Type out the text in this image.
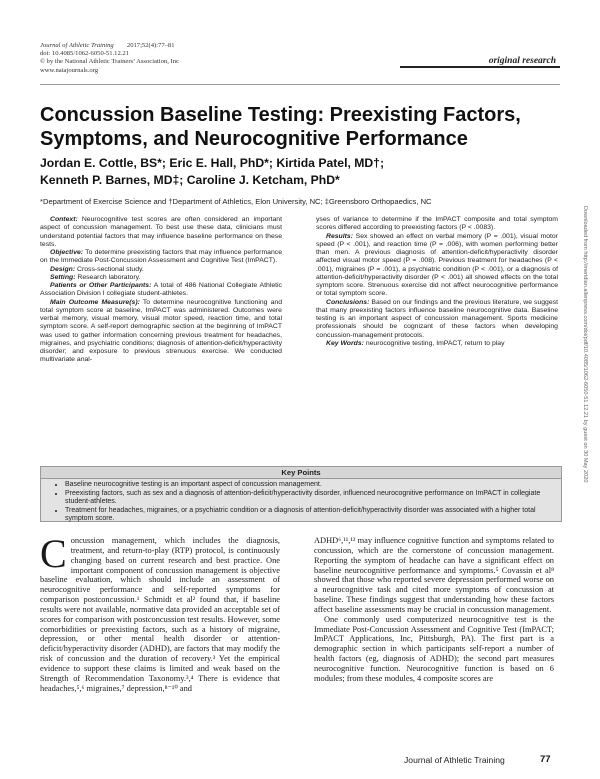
Journal of Athletic Training 2017;52(4):77–81
doi: 10.4085/1062-6050-51.12.21
© by the National Athletic Trainers’ Association, Inc
www.natajournals.org
original research
Concussion Baseline Testing: Preexisting Factors, Symptoms, and Neurocognitive Performance
Jordan E. Cottle, BS*; Eric E. Hall, PhD*; Kirtida Patel, MD†;
Kenneth P. Barnes, MD‡; Caroline J. Ketcham, PhD*
*Department of Exercise Science and †Department of Athletics, Elon University, NC; ‡Greensboro Orthopaedics, NC

Context: Neurocognitive test scores are often considered an important aspect of concussion management. To best use these data, clinicians must understand potential factors that may influence baseline performance on these tests.

Objective: To determine preexisting factors that may influence performance on the Immediate Post-Concussion Assessment and Cognitive Test (ImPACT).

Design: Cross-sectional study.

Setting: Research laboratory.

Patients or Other Participants: A total of 486 National Collegiate Athletic Association Division I collegiate student-athletes.

Main Outcome Measure(s): To determine neurocognitive functioning and total symptom score at baseline, ImPACT was administered. Outcomes were verbal memory, visual memory, visual motor speed, reaction time, and total symptom score. A self-report demographic section at the beginning of ImPACT was used to gather information concerning previous treatment for headaches, migraines, and psychiatric conditions; diagnosis of attention-deficit/hyperactivity disorder; and exposure to previous strenuous exercise. We conducted multivariate anal-

yses of variance to determine if the ImPACT composite and total symptom scores differed according to preexisting factors (P < .0083).

Results: Sex showed an effect on verbal memory (P = .001), visual motor speed (P < .001), and reaction time (P = .006), with women performing better than men. A previous diagnosis of attention-deficit/hyperactivity disorder affected visual motor speed (P = .008). Previous treatment for headaches (P < .001), migraines (P = .001), a psychiatric condition (P < .001), or a diagnosis of attention-deficit/hyperactivity disorder (P < .001) all showed effects on the total symptom score. Strenuous exercise did not affect neurocognitive performance or total symptom score.

Conclusions: Based on our findings and the previous literature, we suggest that many preexisting factors influence baseline neurocognitive data. Baseline testing is an important aspect of concussion management. Sports medicine professionals should be cognizant of these factors when developing concussion-management protocols.

Key Words: neurocognitive testing, ImPACT, return to play

Key Points
• Baseline neurocognitive testing is an important aspect of concussion management.
• Preexisting factors, such as sex and a diagnosis of attention-deficit/hyperactivity disorder, influenced neurocognitive performance on ImPACT in collegiate student-athletes.
• Treatment for headaches, migraines, or a psychiatric condition or a diagnosis of attention-deficit/hyperactivity disorder was associated with a higher total symptom score.

Concussion management, which includes the diagnosis, treatment, and return-to-play (RTP) protocol, is continuously changing based on current research and best practice. One important component of concussion management is objective baseline evaluation, which should include an assessment of neurocognitive performance and self-reported symptoms for comparison postconcussion.¹ Schmidt et al² found that, if baseline results were not available, normative data provided an acceptable set of scores for comparison with postconcussion test results. However, some comorbidities or preexisting factors, such as a history of migraine, depression, or other mental health disorder or attention-deficit/hyperactivity disorder (ADHD), are factors that may modify the risk of concussion and the duration of recovery.³ Yet the empirical evidence to support these claims is limited and weak based on the Strength of Recommendation Taxonomy.³,⁴ There is evidence that headaches,⁵,⁶ migraines,⁷ depression,⁸⁻¹⁰ and

ADHD⁶,¹¹,¹² may influence cognitive function and symptoms related to concussion, which are the cornerstone of concussion management. Reporting the symptom of headache can have a significant effect on baseline neurocognitive performance and symptoms.⁵ Covassin et al⁸ showed that those who reported severe depression performed worse on a neurocognitive task and cited more symptoms of concussion at baseline. These findings suggest that understanding how these factors affect baseline assessments may be crucial in concussion management.

One commonly used computerized neurocognitive test is the Immediate Post-Concussion Assessment and Cognitive Test (ImPACT; ImPACT Applications, Inc, Pittsburgh, PA). The first part is a demographic section in which participants self-report a number of health factors (eg, diagnosis of ADHD); the second part measures neurocognitive function. Neurocognitive function is based on 6 modules; from these modules, 4 composite scores are

Journal of Athletic Training	77
Downloaded from http://meridian.allenpress.com/doi/pdf/10.4085/1062-6050-51.12.21 by guest on 30 May 2020
